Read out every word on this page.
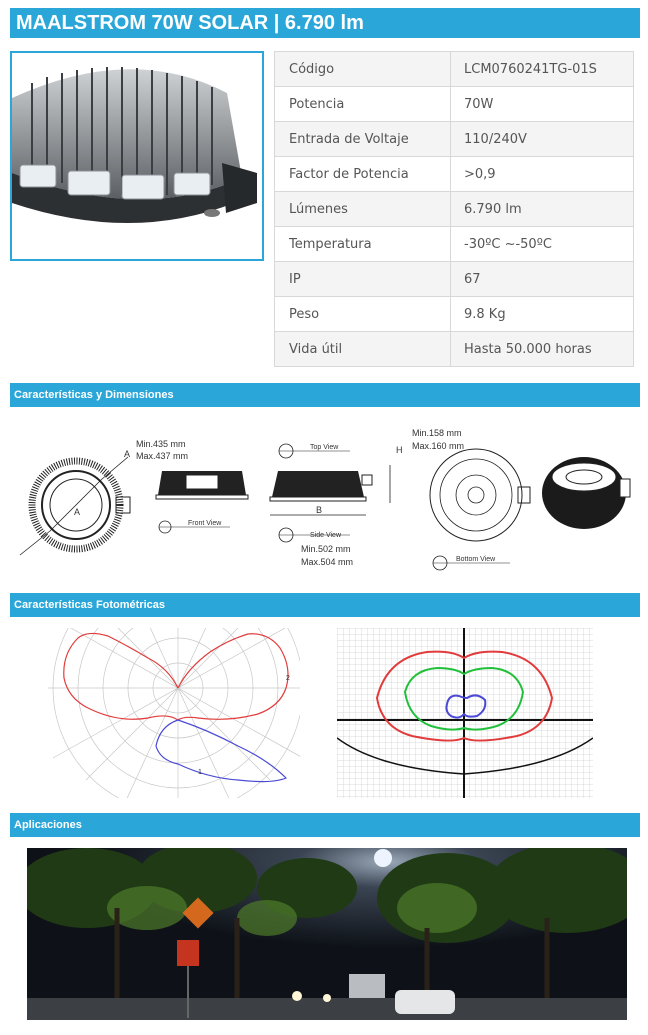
MAALSTROM 70W SOLAR | 6.790 lm
Código	LCM0760241TG-01S
Potencia	70W
Entrada de Voltaje	110/240V
Factor de Potencia	>0,9
Lúmenes	6.790 lm
Temperatura	-30ºC ~-50ºC
IP	67
Peso	9.8 Kg
Vida útil	Hasta 50.000 horas
Características y Dimensiones
Min.435 mm
Max.437 mm
A
A
Front View
Top View
B
H
Side View
Min.502 mm
Max.504 mm
Min.158 mm
Max.160 mm
Bottom View
Características Fotométricas
2
1
Aplicaciones
